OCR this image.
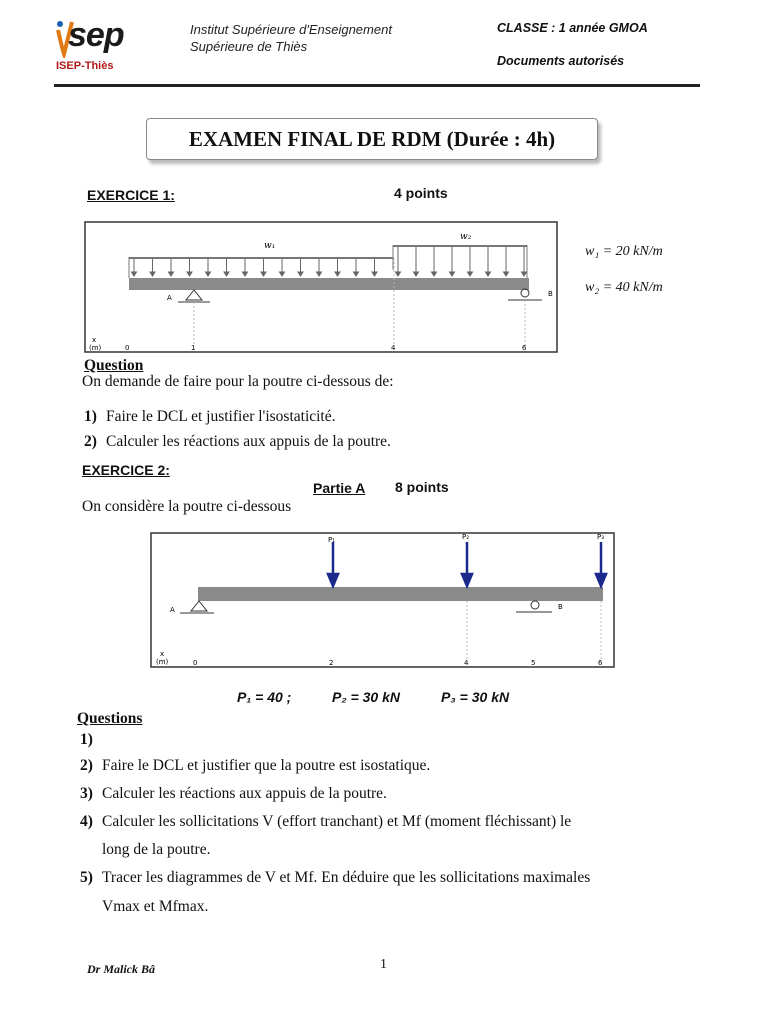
sep
ISEP-Thiès
Institut Supérieure d'Enseignement
Supérieure de Thiès
CLASSE : 1 année GMOA
Documents autorisés
EXAMEN FINAL DE RDM (Durée : 4h)
EXERCICE 1:	4 points
w₁
w₂
A	B
x (m)	0	1	4	6
w₁ = 20 kN/m
w₂ = 40 kN/m
Question
On demande de faire pour la poutre ci-dessous de:
1) Faire le DCL et justifier l'isostaticité.
2) Calculer les réactions aux appuis de la poutre.
EXERCICE 2:
Partie A 8 points
On considère la poutre ci-dessous
P₁	P₂	P₃
A	B
x (m)	0	2	4	5	6
P₁ = 40 ;	P₂ = 30 kN	P₃ = 30 kN
Questions
1)
2) Faire le DCL et justifier que la poutre est isostatique.
3) Calculer les réactions aux appuis de la poutre.
4) Calculer les sollicitations V (effort tranchant) et Mf (moment fléchissant) le
long de la poutre.
5) Tracer les diagrammes de V et Mf. En déduire que les sollicitations maximales
Vmax et Mfmax.
Dr Malick Bâ	1
